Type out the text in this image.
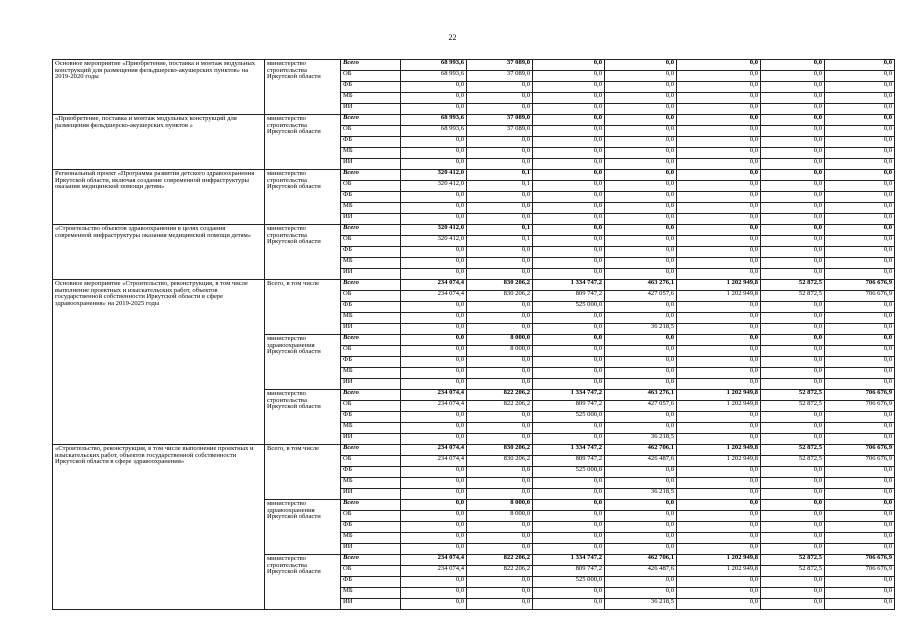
22
Основное мероприятие «Приобретение, поставка и монтаж модульных конструкций для размещения фельдшерско-акушерских пунктов» на 2019-2020 годы	министерство строительства Иркутской области	Всего	68 993,6	37 089,0	0,0	0,0	0,0	0,0	0,0
		ОБ	68 993,6	37 089,0	0,0	0,0	0,0	0,0	0,0
		ФБ	0,0	0,0	0,0	0,0	0,0	0,0	0,0
		МБ	0,0	0,0	0,0	0,0	0,0	0,0	0,0
		ИИ	0,0	0,0	0,0	0,0	0,0	0,0	0,0
«Приобретение, поставка и монтаж модульных конструкций для размещения фельдшерско-акушерских пунктов »	министерство строительства Иркутской области	Всего	68 993,6	37 089,0	0,0	0,0	0,0	0,0	0,0
		ОБ	68 993,6	37 089,0	0,0	0,0	0,0	0,0	0,0
		ФБ	0,0	0,0	0,0	0,0	0,0	0,0	0,0
		МБ	0,0	0,0	0,0	0,0	0,0	0,0	0,0
		ИИ	0,0	0,0	0,0	0,0	0,0	0,0	0,0
Региональный проект «Программа развития детского здравоохранения Иркутской области, включая создание современной инфраструктуры оказания медицинской помощи детям»	министерство строительства Иркутской области	Всего	320 412,0	0,1	0,0	0,0	0,0	0,0	0,0
		ОБ	320 412,0	0,1	0,0	0,0	0,0	0,0	0,0
		ФБ	0,0	0,0	0,0	0,0	0,0	0,0	0,0
		МБ	0,0	0,0	0,0	0,0	0,0	0,0	0,0
		ИИ	0,0	0,0	0,0	0,0	0,0	0,0	0,0
«Строительство объектов здравоохранения в целях создания современной инфраструктуры оказания медицинской помощи детям»	министерство строительства Иркутской области	Всего	320 412,0	0,1	0,0	0,0	0,0	0,0	0,0
		ОБ	320 412,0	0,1	0,0	0,0	0,0	0,0	0,0
		ФБ	0,0	0,0	0,0	0,0	0,0	0,0	0,0
		МБ	0,0	0,0	0,0	0,0	0,0	0,0	0,0
		ИИ	0,0	0,0	0,0	0,0	0,0	0,0	0,0
Основное мероприятие «Строительство, реконструкция, в том числе выполнение проектных и изыскательских работ, объектов государственной собственности Иркутской области в сфере здравоохранения» на 2019-2025 годы	Всего, в том числе	Всего	234 074,4	830 206,2	1 334 747,2	463 276,1	1 202 949,8	52 872,5	706 676,9
		ОБ	234 074,4	830 206,2	809 747,2	427 057,6	1 202 949,8	52 872,5	706 676,9
		ФБ	0,0	0,0	525 000,0	0,0	0,0	0,0	0,0
		МБ	0,0	0,0	0,0	0,0	0,0	0,0	0,0
		ИИ	0,0	0,0	0,0	36 218,5	0,0	0,0	0,0
	министерство здравоохранения Иркутской области	Всего	0,0	8 000,0	0,0	0,0	0,0	0,0	0,0
		ОБ	0,0	8 000,0	0,0	0,0	0,0	0,0	0,0
		ФБ	0,0	0,0	0,0	0,0	0,0	0,0	0,0
		МБ	0,0	0,0	0,0	0,0	0,0	0,0	0,0
		ИИ	0,0	0,0	0,0	0,0	0,0	0,0	0,0
	министерство строительства Иркутской области	Всего	234 074,4	822 206,2	1 334 747,2	463 276,1	1 202 949,8	52 872,5	706 676,9
		ОБ	234 074,4	822 206,2	809 747,2	427 057,6	1 202 949,8	52 872,5	706 676,9
		ФБ	0,0	0,0	525 000,0	0,0	0,0	0,0	0,0
		МБ	0,0	0,0	0,0	0,0	0,0	0,0	0,0
		ИИ	0,0	0,0	0,0	36 218,5	0,0	0,0	0,0
«Строительство, реконструкция, в том числе выполнение проектных и изыскательских работ, объектов государственной собственности Иркутской области в сфере здравоохранения»	Всего, в том числе	Всего	234 074,4	830 206,2	1 334 747,2	462 706,1	1 202 949,8	52 872,5	706 676,9
		ОБ	234 074,4	830 206,2	809 747,2	426 487,6	1 202 949,8	52 872,5	706 676,9
		ФБ	0,0	0,0	525 000,0	0,0	0,0	0,0	0,0
		МБ	0,0	0,0	0,0	0,0	0,0	0,0	0,0
		ИИ	0,0	0,0	0,0	36 218,5	0,0	0,0	0,0
	министерство здравоохранения Иркутской области	Всего	0,0	8 000,0	0,0	0,0	0,0	0,0	0,0
		ОБ	0,0	8 000,0	0,0	0,0	0,0	0,0	0,0
		ФБ	0,0	0,0	0,0	0,0	0,0	0,0	0,0
		МБ	0,0	0,0	0,0	0,0	0,0	0,0	0,0
		ИИ	0,0	0,0	0,0	0,0	0,0	0,0	0,0
	министерство строительства Иркутской области	Всего	234 074,4	822 206,2	1 334 747,2	462 706,1	1 202 949,8	52 872,5	706 676,9
		ОБ	234 074,4	822 206,2	809 747,2	426 487,6	1 202 949,8	52 872,5	706 676,9
		ФБ	0,0	0,0	525 000,0	0,0	0,0	0,0	0,0
		МБ	0,0	0,0	0,0	0,0	0,0	0,0	0,0
		ИИ	0,0	0,0	0,0	36 218,5	0,0	0,0	0,0
